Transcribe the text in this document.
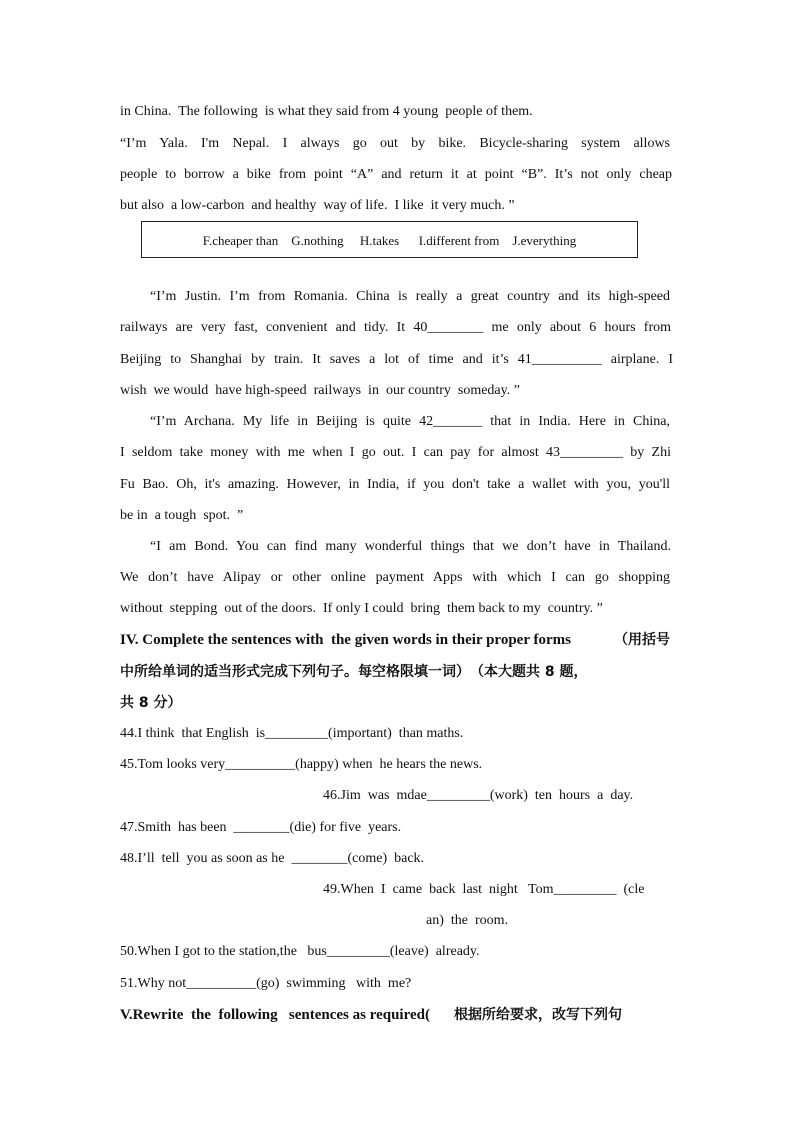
in China.  The following  is what they said from 4 young  people of them.
“I’m Yala. I'm Nepal. I always go out by bike. Bicycle-sharing system allows
people to borrow a bike from point “A” and return it at point “B”. It’s not only cheap
but also  a low-carbon  and healthy  way of life.  I like  it very much. ”
F.cheaper than    G.nothing     H.takes      I.different from    J.everything
“I’m Justin. I’m from Romania. China is really a great country and its high-speed
railways are very fast, convenient and tidy. It 40________ me only about 6 hours from
Beijing to Shanghai by train. It saves a lot of time and it’s 41__________ airplane. I
wish  we would  have high-speed  railways  in  our country  someday. ”
“I’m Archana. My life in Beijing is quite 42_______ that in India. Here in China,
I seldom take money with me when I go out. I can pay for almost 43_________ by Zhi
Fu Bao. Oh, it's amazing. However, in India, if you don't take a wallet with you, you'll
be in  a tough  spot.  ”
“I am Bond. You can find many wonderful things that we don’t have in Thailand.
We don’t have Alipay or other online payment Apps with which I can go shopping
without  stepping  out of the doors.  If only I could  bring  them back to my  country. ”
IV. Complete the sentences with  the given words in their proper forms	（用括号
中所给单词的适当形式完成下列句子。每空格限填一词）　（本大题共 8 题，
共 8 分）
44.I think  that English  is_________(important)  than maths.
45.Tom looks very__________(happy) when  he hears the news.
46.Jim  was  mdae_________(work)  ten  hours  a  day.
47.Smith  has been  ________(die) for five  years.
48.I’ll  tell  you as soon as he  ________(come)  back.
49.When  I  came  back  last  night   Tom_________  (cle
an)  the  room.
50.When I got to the station,the   bus_________(leave)  already.
51.Why not__________(go)  swimming   with  me?
V.Rewrite  the  following   sentences as required( 根据所给要求，改写下列句
